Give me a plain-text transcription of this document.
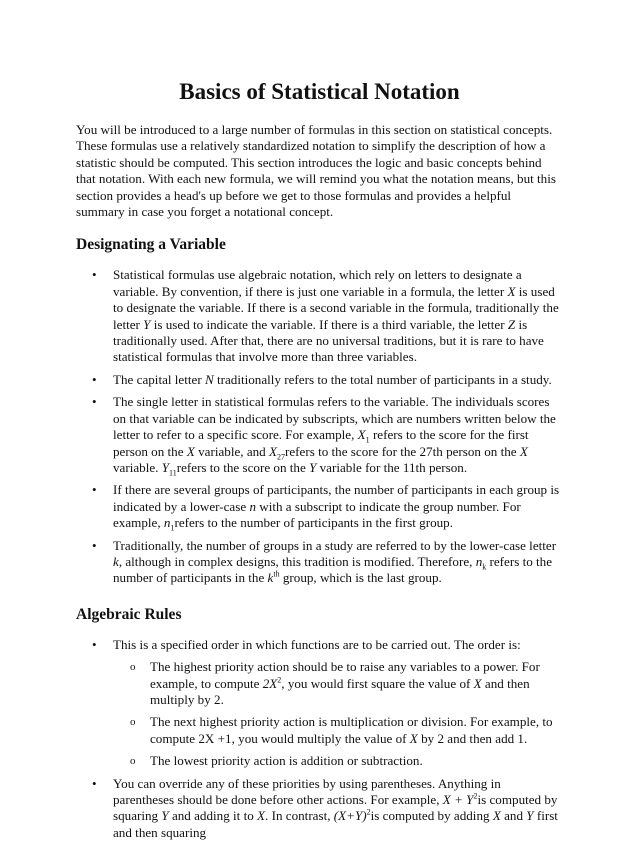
Basics of Statistical Notation

You will be introduced to a large number of formulas in this section on statistical concepts. These formulas use a relatively standardized notation to simplify the description of how a statistic should be computed. This section introduces the logic and basic concepts behind that notation. With each new formula, we will remind you what the notation means, but this section provides a head's up before we get to those formulas and provides a helpful summary in case you forget a notational concept.

Designating a Variable
• Statistical formulas use algebraic notation, which rely on letters to designate a variable. By convention, if there is just one variable in a formula, the letter X is used to designate the variable. If there is a second variable in the formula, traditionally the letter Y is used to indicate the variable. If there is a third variable, the letter Z is traditionally used. After that, there are no universal traditions, but it is rare to have statistical formulas that involve more than three variables.
• The capital letter N traditionally refers to the total number of participants in a study.
• The single letter in statistical formulas refers to the variable. The individuals scores on that variable can be indicated by subscripts, which are numbers written below the letter to refer to a specific score. For example, $X_1$ refers to the score for the first person on the X variable, and $X_{27}refers$ to the score for the 27th person on the X variable. $Y_{11}refers$ to the score on the Y variable for the 11th person.
• If there are several groups of participants, the number of participants in each group is indicated by a lower-case n with a subscript to indicate the group number. For example, $n_1refers$ to the number of participants in the first group.
• Traditionally, the number of groups in a study are referred to by the lower-case letter k, although in complex designs, this tradition is modified. Therefore, $n_k$ refers to the number of participants in the $k^{th}$ group, which is the last group.
Algebraic Rules
• This is a specified order in which functions are to be carried out. The order is:
o The highest priority action should be to raise any variables to a power. For example, to compute $2X^2$, you would first square the value of X and then multiply by 2.
o The next highest priority action is multiplication or division. For example, to compute 2X +1, you would multiply the value of X by 2 and then add 1.
o The lowest priority action is addition or subtraction.
• You can override any of these priorities by using parentheses. Anything in parentheses should be done before other actions. For example, $X + Y^2is$ computed by squaring Y and adding it to X. In contrast, $(X+Y)^2is$ computed by adding X and Y first and then squaring
